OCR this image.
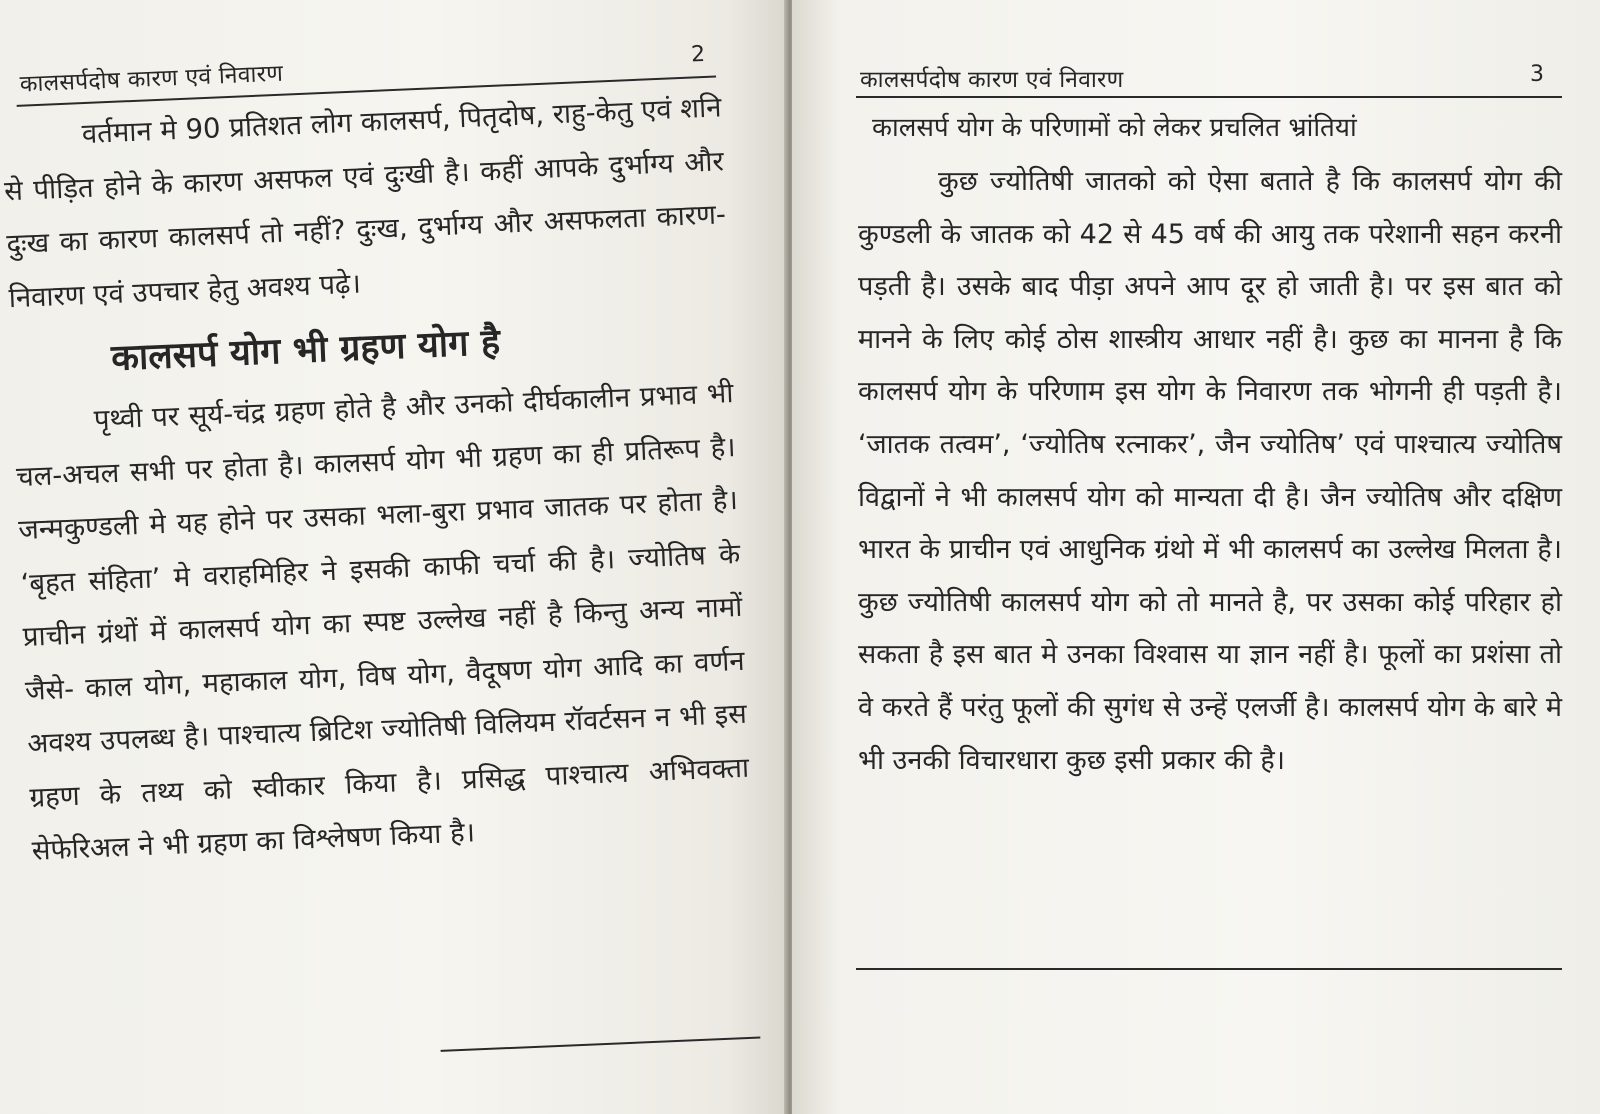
कालसर्पदोष कारण एवं निवारण
2

वर्तमान मे 90 प्रतिशत लोग कालसर्प, पितृदोष, राहु-केतु एवं शनि से पीड़ित होने के कारण असफल एवं दुःखी है। कहीं आपके दुर्भाग्य और दुःख का कारण कालसर्प तो नहीं? दुःख, दुर्भाग्य और असफलता कारण-निवारण एवं उपचार हेतु अवश्य पढ़े।

कालसर्प योग भी ग्रहण योग है

पृथ्वी पर सूर्य-चंद्र ग्रहण होते है और उनको दीर्घकालीन प्रभाव भी चल-अचल सभी पर होता है। कालसर्प योग भी ग्रहण का ही प्रतिरूप है। जन्मकुण्डली मे यह होने पर उसका भला-बुरा प्रभाव जातक पर होता है। ‘बृहत संहिता’ मे वराहमिहिर ने इसकी काफी चर्चा की है। ज्योतिष के प्राचीन ग्रंथों में कालसर्प योग का स्पष्ट उल्लेख नहीं है किन्तु अन्य नामों जैसे- काल योग, महाकाल योग, विष योग, वैदूषण योग आदि का वर्णन अवश्य उपलब्ध है। पाश्चात्य ब्रिटिश ज्योतिषी विलियम रॉवर्टसन न भी इस ग्रहण के तथ्य को स्वीकार किया है। प्रसिद्ध पाश्चात्य अभिवक्ता सेफेरिअल ने भी ग्रहण का विश्लेषण किया है।

कालसर्पदोष कारण एवं निवारण	3
कालसर्प योग के परिणामों को लेकर प्रचलित भ्रांतियां

कुछ ज्योतिषी जातको को ऐसा बताते है कि कालसर्प योग की कुण्डली के जातक को 42 से 45 वर्ष की आयु तक परेशानी सहन करनी पड़ती है। उसके बाद पीड़ा अपने आप दूर हो जाती है। पर इस बात को मानने के लिए कोई ठोस शास्त्रीय आधार नहीं है। कुछ का मानना है कि कालसर्प योग के परिणाम इस योग के निवारण तक भोगनी ही पड़ती है। ‘जातक तत्वम’, ‘ज्योतिष रत्नाकर’, जैन ज्योतिष’ एवं पाश्चात्य ज्योतिष विद्वानों ने भी कालसर्प योग को मान्यता दी है। जैन ज्योतिष और दक्षिण भारत के प्राचीन एवं आधुनिक ग्रंथो में भी कालसर्प का उल्लेख मिलता है। कुछ ज्योतिषी कालसर्प योग को तो मानते है, पर उसका कोई परिहार हो सकता है इस बात मे उनका विश्वास या ज्ञान नहीं है। फूलों का प्रशंसा तो वे करते हैं परंतु फूलों की सुगंध से उन्हें एलर्जी है। कालसर्प योग के बारे मे भी उनकी विचारधारा कुछ इसी प्रकार की है।
